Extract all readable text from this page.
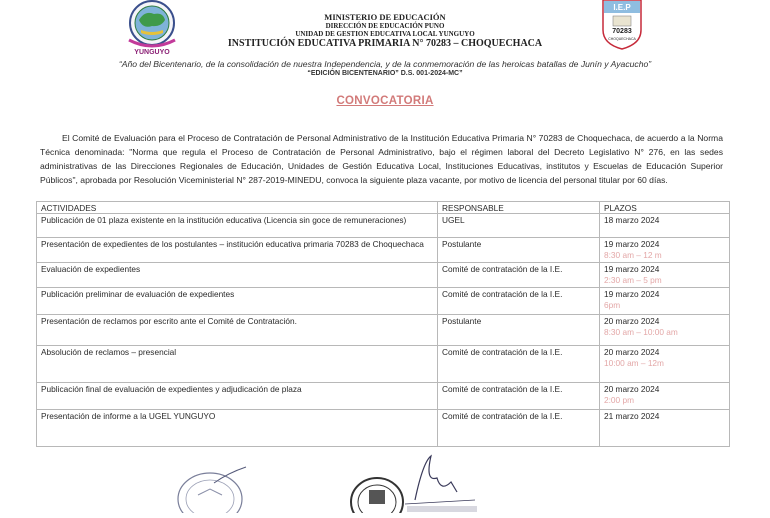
YUNGUYO
I.E.P
70283
CHOQUECHACA
MINISTERIO DE EDUCACIÓN
DIRECCIÓN DE EDUCACIÓN PUNO
UNIDAD DE GESTION EDUCATIVA LOCAL YUNGUYO
INSTITUCIÓN EDUCATIVA PRIMARIA N° 70283 – CHOQUECHACA
“Año del Bicentenario, de la consolidación de nuestra Independencia, y de la conmemoración de las heroicas batallas de Junín y Ayacucho”
“EDICIÓN BICENTENARIO” D.S. 001-2024-MC”
CONVOCATORIA

El Comité de Evaluación para el Proceso de Contratación de Personal Administrativo de la Institución Educativa Primaria N° 70283 de Choquechaca, de acuerdo a la Norma Técnica denominada: "Norma que regula el Proceso de Contratación de Personal Administrativo, bajo el régimen laboral del Decreto Legislativo N° 276, en las sedes administrativas de las Direcciones Regionales de Educación, Unidades de Gestión Educativa Local, Instituciones Educativas, institutos y Escuelas de Educación Superior Públicos", aprobada por Resolución Viceministerial N° 287-2019-MINEDU, convoca la siguiente plaza vacante, por motivo de licencia del personal titular por 60 días.

ACTIVIDADES	RESPONSABLE	PLAZOS
Publicación de 01 plaza existente en la institución educativa (Licencia sin goce de remuneraciones)	UGEL	18 marzo 2024

Presentación de expedientes de los postulantes – institución educativa primaria 70283 de Choquechaca	Postulante	19 marzo 2024
8:30 am – 12 m

Evaluación de expedientes	Comité de contratación de la I.E.	19 marzo 2024
2:30 am – 5 pm

Publicación preliminar de evaluación de expedientes	Comité de contratación de la I.E.	19 marzo 2024
6pm

Presentación de reclamos por escrito ante el Comité de Contratación.	Postulante	20 marzo 2024
8:30 am – 10:00 am

Absolución de reclamos – presencial	Comité de contratación de la I.E.	20 marzo 2024
10:00 am – 12m

Publicación final de evaluación de expedientes y adjudicación de plaza	Comité de contratación de la I.E.	20 marzo 2024
2:00 pm

Presentación de informe a la UGEL YUNGUYO	Comité de contratación de la I.E.	21 marzo 2024
